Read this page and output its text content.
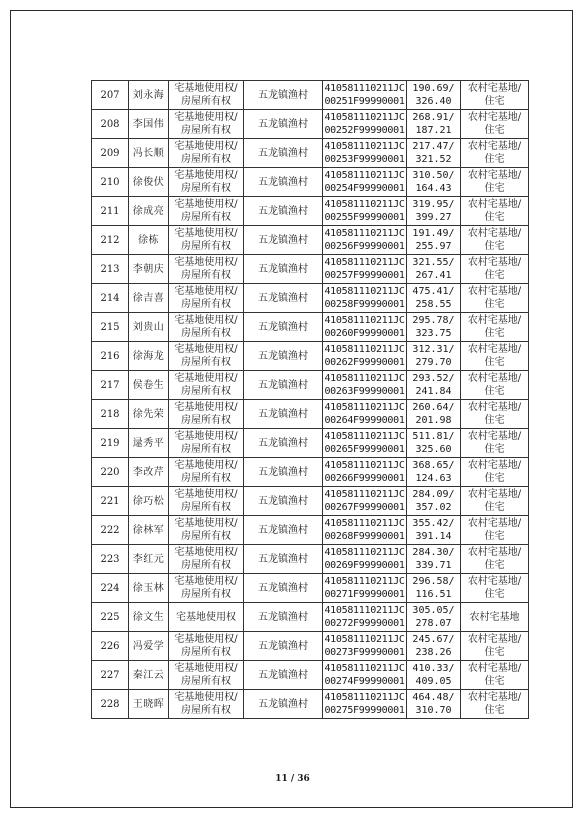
207	刘永海	宅基地使用权/
房屋所有权	五龙镇渔村	410581110211JC
00251F99990001	190.69/
326.40	农村宅基地/
住宅

208	李国伟	宅基地使用权/
房屋所有权	五龙镇渔村	410581110211JC
00252F99990001	268.91/
187.21	农村宅基地/
住宅

209	冯长顺	宅基地使用权/
房屋所有权	五龙镇渔村	410581110211JC
00253F99990001	217.47/
321.52	农村宅基地/
住宅

210	徐俊伏	宅基地使用权/
房屋所有权	五龙镇渔村	410581110211JC
00254F99990001	310.50/
164.43	农村宅基地/
住宅

211	徐成亮	宅基地使用权/
房屋所有权	五龙镇渔村	410581110211JC
00255F99990001	319.95/
399.27	农村宅基地/
住宅

212	徐栋	宅基地使用权/
房屋所有权	五龙镇渔村	410581110211JC
00256F99990001	191.49/
255.97	农村宅基地/
住宅

213	李朝庆	宅基地使用权/
房屋所有权	五龙镇渔村	410581110211JC
00257F99990001	321.55/
267.41	农村宅基地/
住宅

214	徐吉喜	宅基地使用权/
房屋所有权	五龙镇渔村	410581110211JC
00258F99990001	475.41/
258.55	农村宅基地/
住宅

215	刘贵山	宅基地使用权/
房屋所有权	五龙镇渔村	410581110211JC
00260F99990001	295.78/
323.75	农村宅基地/
住宅

216	徐海龙	宅基地使用权/
房屋所有权	五龙镇渔村	410581110211JC
00262F99990001	312.31/
279.70	农村宅基地/
住宅

217	侯卷生	宅基地使用权/
房屋所有权	五龙镇渔村	410581110211JC
00263F99990001	293.52/
241.84	农村宅基地/
住宅

218	徐先荣	宅基地使用权/
房屋所有权	五龙镇渔村	410581110211JC
00264F99990001	260.64/
201.98	农村宅基地/
住宅

219	逯秀平	宅基地使用权/
房屋所有权	五龙镇渔村	410581110211JC
00265F99990001	511.81/
325.60	农村宅基地/
住宅

220	李改芹	宅基地使用权/
房屋所有权	五龙镇渔村	410581110211JC
00266F99990001	368.65/
124.63	农村宅基地/
住宅

221	徐巧松	宅基地使用权/
房屋所有权	五龙镇渔村	410581110211JC
00267F99990001	284.09/
357.02	农村宅基地/
住宅

222	徐林军	宅基地使用权/
房屋所有权	五龙镇渔村	410581110211JC
00268F99990001	355.42/
391.14	农村宅基地/
住宅

223	李红元	宅基地使用权/
房屋所有权	五龙镇渔村	410581110211JC
00269F99990001	284.30/
339.71	农村宅基地/
住宅

224	徐玉林	宅基地使用权/
房屋所有权	五龙镇渔村	410581110211JC
00271F99990001	296.58/
116.51	农村宅基地/
住宅

225	徐文生	宅基地使用权	五龙镇渔村	410581110211JC
00272F99990001	305.05/
278.07	农村宅基地

226	冯爱学	宅基地使用权/
房屋所有权	五龙镇渔村	410581110211JC
00273F99990001	245.67/
238.26	农村宅基地/
住宅

227	秦江云	宅基地使用权/
房屋所有权	五龙镇渔村	410581110211JC
00274F99990001	410.33/
409.05	农村宅基地/
住宅

228	王晓晖	宅基地使用权/
房屋所有权	五龙镇渔村	410581110211JC
00275F99990001	464.48/
310.70	农村宅基地/
住宅
11 / 36
